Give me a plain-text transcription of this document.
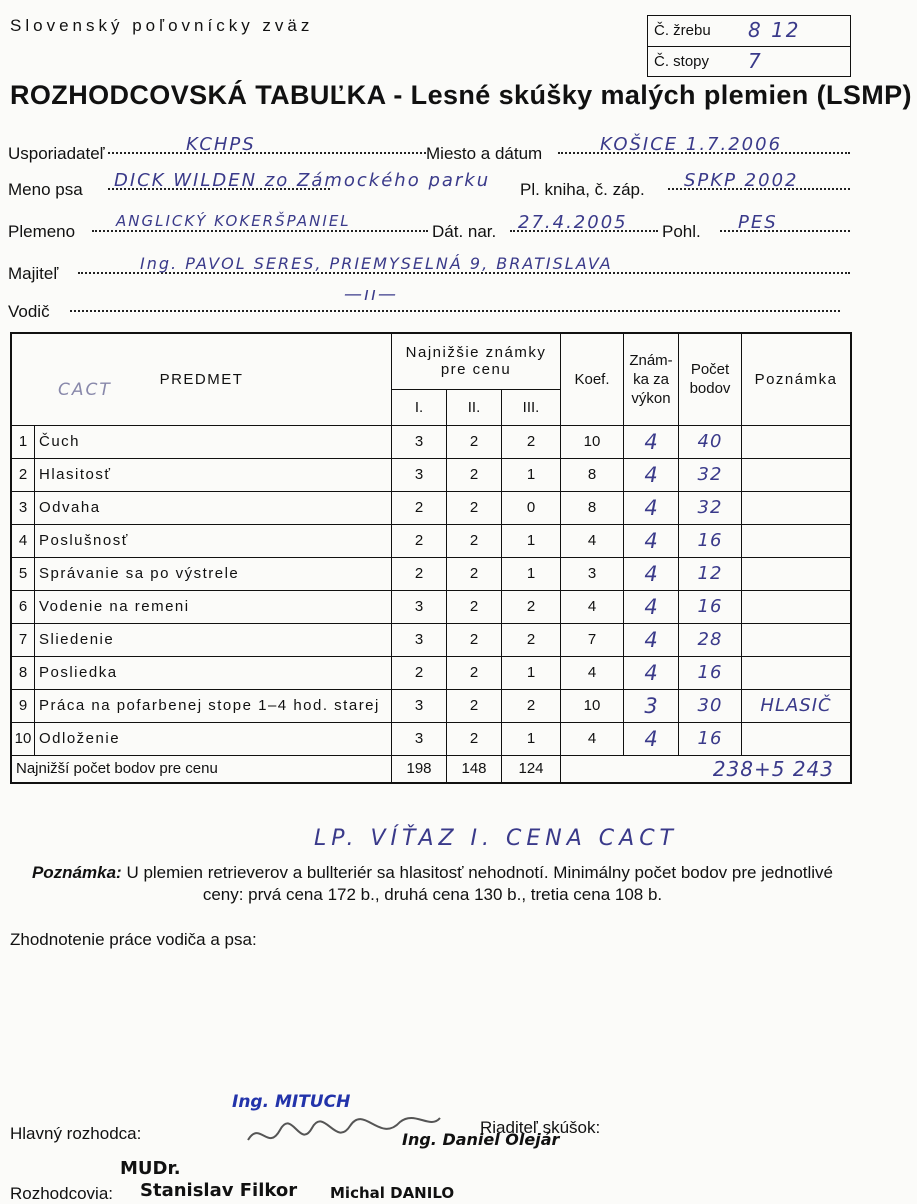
Slovenský poľovnícky zväz	Č. žrebu 8 12
Č. stopy 7
ROZHODCOVSKÁ TABUĽKA - Lesné skúšky malých plemien (LSMP)
Usporiadateľ	KCHPS	Miesto a dátum	KOŠICE 1.7.2006
Meno psa DICK WILDEN zo Zámockého parku Pl. kniha, č. záp. SPKP 2002
Plemeno
ANGLICKÝ KOKERŠPANIEL
Dát. nar. 27.4.2005 Pohl. PES
Majiteľ
Ing. PAVOL SERES, PRIEMYSELNÁ 9, BRATISLAVA
Vodič
—ıı—
PREDMET
CACT		Najnižšie známky pre cenu			Koef.	Znám-ka za výkon	Počet bodov	Poznámka
		I.	II.	III.				
1	Čuch	3	2	2	10	4	40	
2	Hlasitosť	3	2	1	8	4	32	
3	Odvaha	2	2	0	8	4	32	
4	Poslušnosť	2	2	1	4	4	16	
5	Správanie sa po výstrele	2	2	1	3	4	12	
6	Vodenie na remeni	3	2	2	4	4	16	
7	Sliedenie	3	2	2	7	4	28	
8	Posliedka	2	2	1	4	4	16	
9	Práca na pofarbenej stope 1–4 hod. starej	3	2	2	10	3	30	HLASIČ
10	Odloženie	3	2	1	4	4	16	
Najnižší počet bodov pre cenu		198	148	124	238+5 243			
LP. VÍŤAZ I. CENA CACT
Poznámka: U plemien retrieverov a bullteriér sa hlasitosť nehodnotí. Minimálny počet bodov pre jednotlivé ceny: prvá cena 172 b., druhá cena 130 b., tretia cena 108 b.
Zhodnotenie práce vodiča a psa:
Ing. MITUCH
Hlavný rozhodca:	Riaditeľ skúšok:
Ing. Daniel Olejár
MUDr.
Rozhodcovia: Stanislav Filkor Michal DANILO
